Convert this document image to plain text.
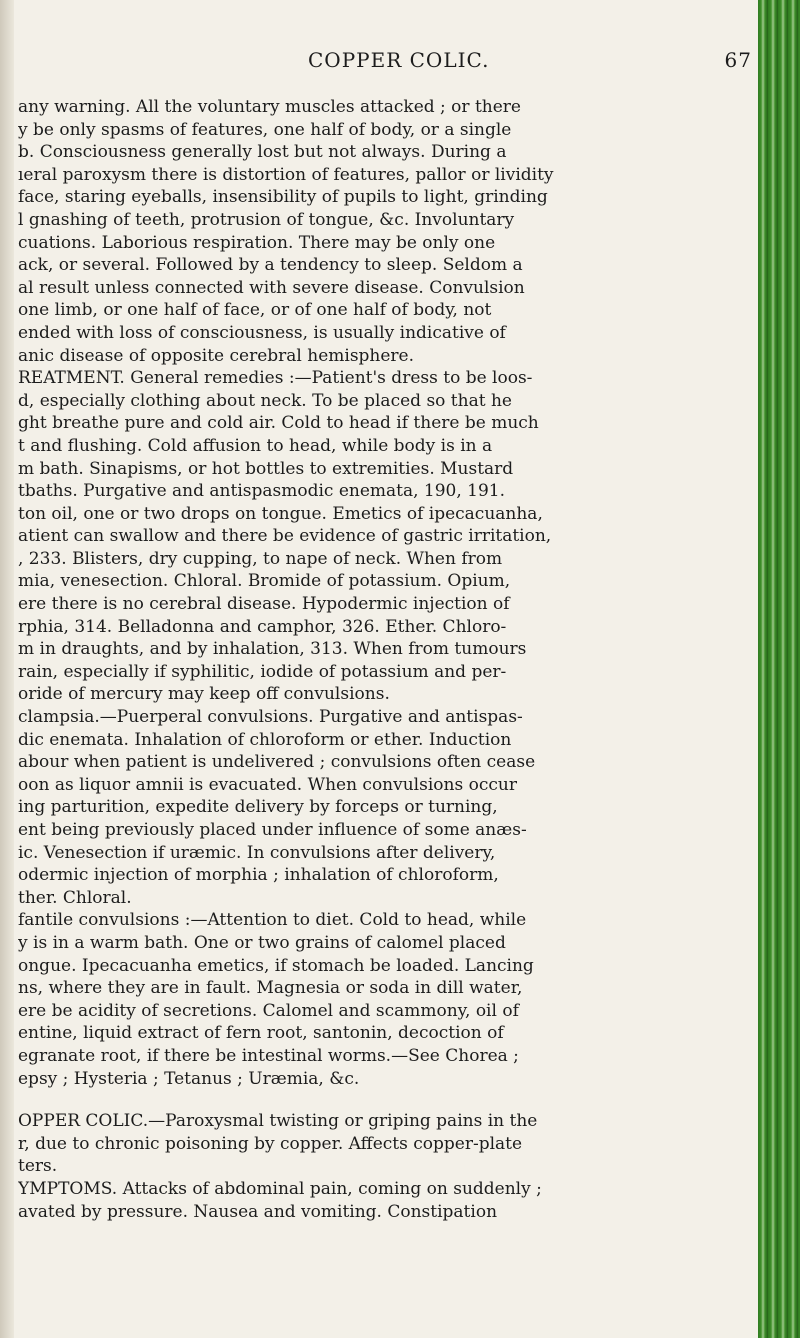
COPPER COLIC.	67
any warning. All the voluntary muscles attacked ; or there
y be only spasms of features, one half of body, or a single
b. Consciousness generally lost but not always. During a
ıeral paroxysm there is distortion of features, pallor or lividity
face, staring eyeballs, insensibility of pupils to light, grinding
l gnashing of teeth, protrusion of tongue, &c. Involuntary
cuations. Laborious respiration. There may be only one
ack, or several. Followed by a tendency to sleep. Seldom a
al result unless connected with severe disease. Convulsion
one limb, or one half of face, or of one half of body, not
ended with loss of consciousness, is usually indicative of
anic disease of opposite cerebral hemisphere.
REATMENT. General remedies :—Patient's dress to be loos-
d, especially clothing about neck. To be placed so that he
ght breathe pure and cold air. Cold to head if there be much
t and flushing. Cold affusion to head, while body is in a
m bath. Sinapisms, or hot bottles to extremities. Mustard
tbaths. Purgative and antispasmodic enemata, 190, 191.
ton oil, one or two drops on tongue. Emetics of ipecacuanha,
atient can swallow and there be evidence of gastric irritation,
, 233. Blisters, dry cupping, to nape of neck. When from
mia, venesection. Chloral. Bromide of potassium. Opium,
ere there is no cerebral disease. Hypodermic injection of
rphia, 314. Belladonna and camphor, 326. Ether. Chloro-
m in draughts, and by inhalation, 313. When from tumours
rain, especially if syphilitic, iodide of potassium and per-
oride of mercury may keep off convulsions.
clampsia.—Puerperal convulsions. Purgative and antispas-
dic enemata. Inhalation of chloroform or ether. Induction
abour when patient is undelivered ; convulsions often cease
oon as liquor amnii is evacuated. When convulsions occur
ing parturition, expedite delivery by forceps or turning,
ent being previously placed under influence of some anæs-
ic. Venesection if uræmic. In convulsions after delivery,
odermic injection of morphia ; inhalation of chloroform,
ther. Chloral.
fantile convulsions :—Attention to diet. Cold to head, while
y is in a warm bath. One or two grains of calomel placed
ongue. Ipecacuanha emetics, if stomach be loaded. Lancing
ns, where they are in fault. Magnesia or soda in dill water,
ere be acidity of secretions. Calomel and scammony, oil of
entine, liquid extract of fern root, santonin, decoction of
egranate root, if there be intestinal worms.—See Chorea ;
epsy ; Hysteria ; Tetanus ; Uræmia, &c.
OPPER COLIC.—Paroxysmal twisting or griping pains in the
r, due to chronic poisoning by copper. Affects copper-plate
ters.
YMPTOMS. Attacks of abdominal pain, coming on suddenly ;
avated by pressure. Nausea and vomiting. Constipation
